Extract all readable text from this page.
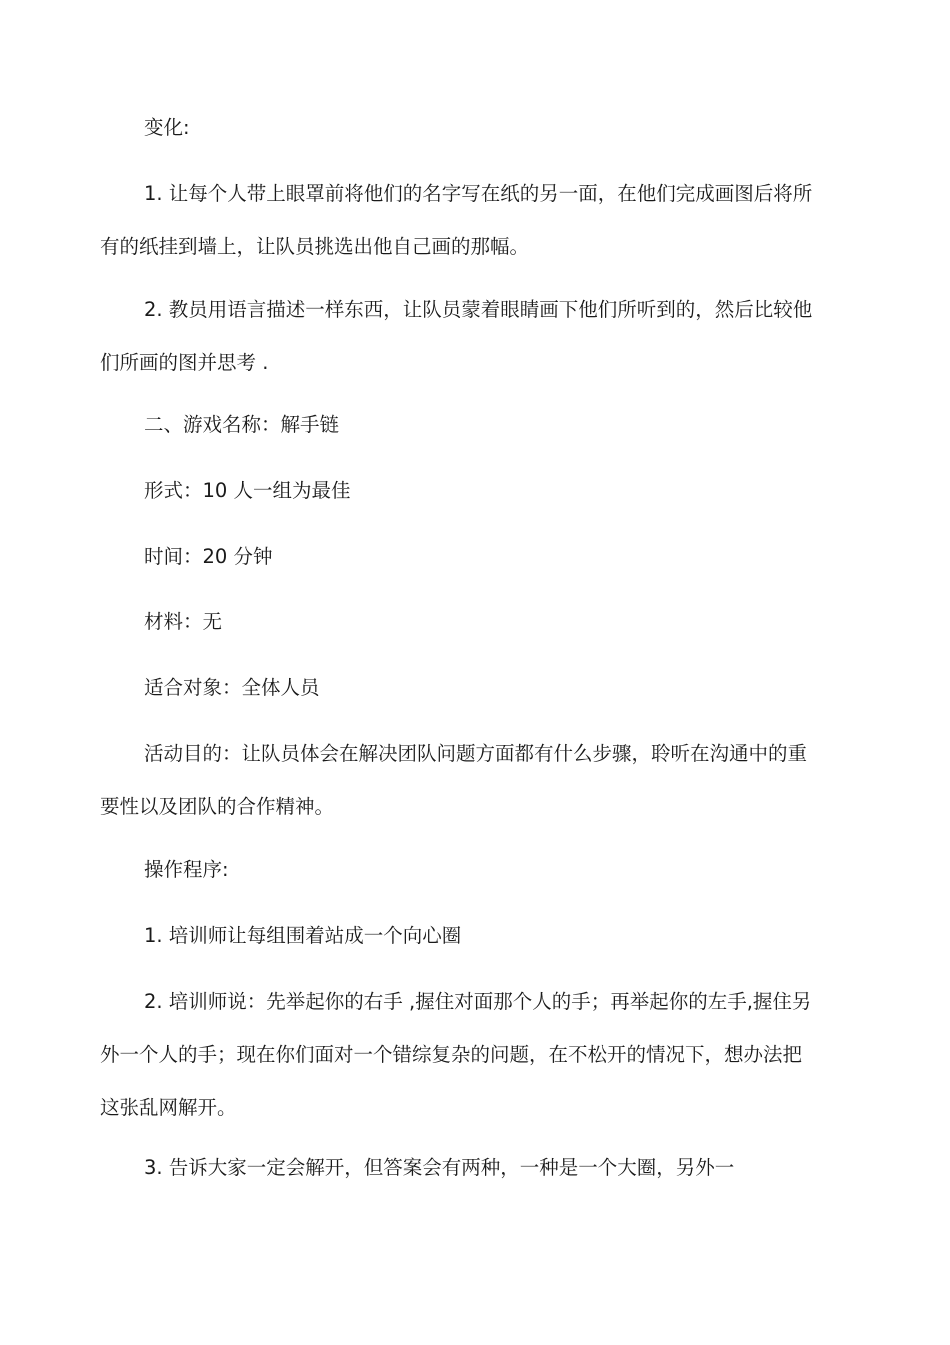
变化:

1. 让每个人带上眼罩前将他们的名字写在纸的另一面，在他们完成画图后将所有的纸挂到墙上，让队员挑选出他自己画的那幅。

2. 教员用语言描述一样东西，让队员蒙着眼睛画下他们所听到的，然后比较他们所画的图并思考 .

二、游戏名称：解手链

形式：10 人一组为最佳

时间：20 分钟

材料：无

适合对象：全体人员

活动目的：让队员体会在解决团队问题方面都有什么步骤，聆听在沟通中的重要性以及团队的合作精神。

操作程序:

1. 培训师让每组围着站成一个向心圈

2. 培训师说：先举起你的右手 ,握住对面那个人的手；再举起你的左手,握住另外一个人的手；现在你们面对一个错综复杂的问题，在不松开的情况下，想办法把这张乱网解开。

3. 告诉大家一定会解开，但答案会有两种，一种是一个大圈，另外一
